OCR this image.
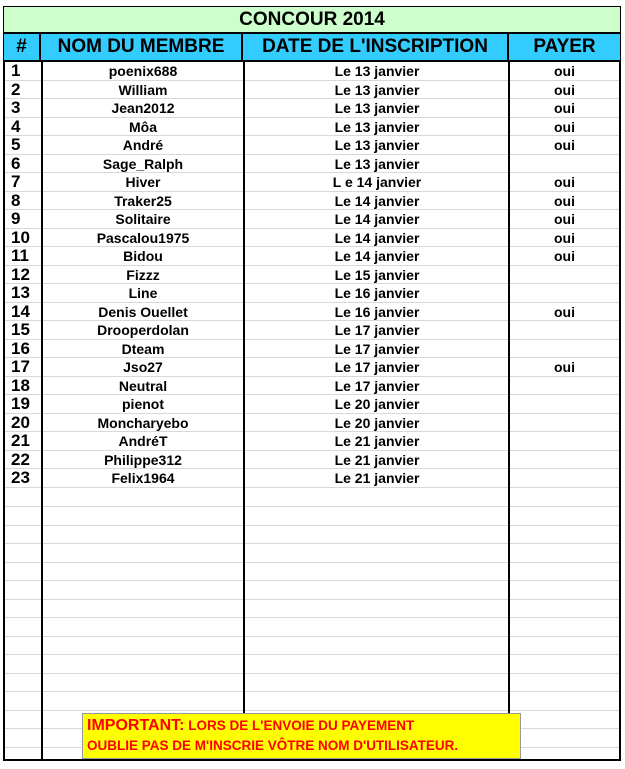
CONCOUR 2014
#	NOM DU MEMBRE	DATE DE L'INSCRIPTION	PAYER
1	poenix688	Le 13 janvier	oui
2	William	Le 13 janvier	oui
3	Jean2012	Le 13 janvier	oui
4	Môa	Le 13 janvier	oui
5	André	Le 13 janvier	oui
6	Sage_Ralph	Le 13 janvier
7	Hiver	L e 14 janvier	oui
8	Traker25	Le 14 janvier	oui
9	Solitaire	Le 14 janvier	oui
10	Pascalou1975	Le 14 janvier	oui
11	Bidou	Le 14 janvier	oui
12	Fizzz	Le 15 janvier
13	Line	Le 16 janvier
14	Denis Ouellet	Le 16 janvier	oui
15	Drooperdolan	Le 17 janvier
16	Dteam	Le 17 janvier
17	Jso27	Le 17 janvier	oui
18	Neutral	Le 17 janvier
19	pienot	Le 20 janvier
20	Moncharyebo	Le 20 janvier
21	AndréT	Le 21 janvier
22	Philippe312	Le 21 janvier
23	Felix1964	Le 21 janvier
IMPORTANT: LORS DE L'ENVOIE DU PAYEMENT
OUBLIE PAS DE M'INSCRIE VÔTRE NOM D'UTILISATEUR.
